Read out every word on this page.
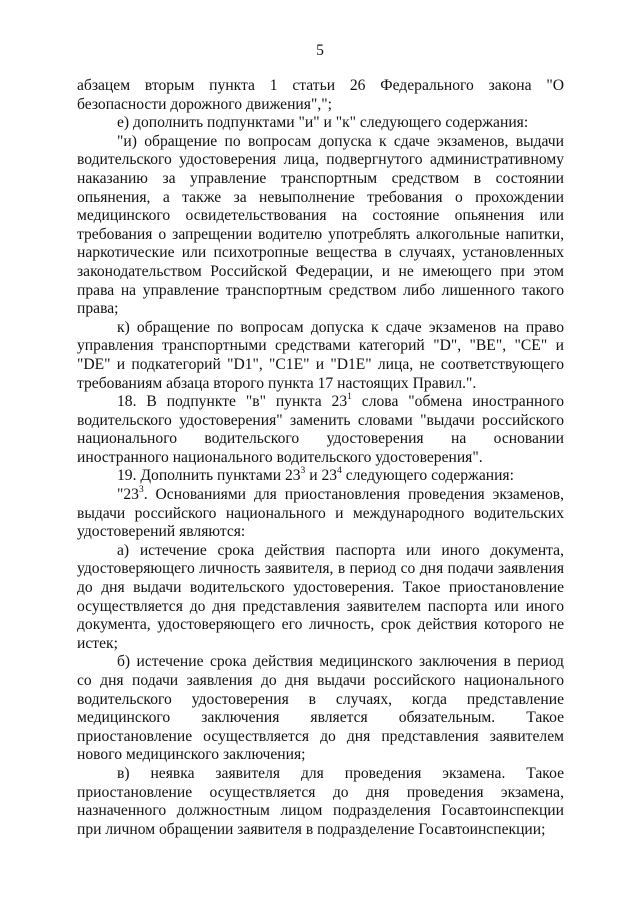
5

абзацем вторым пункта 1 статьи 26 Федерального закона "О безопасности дорожного движения",";

е) дополнить подпунктами "и" и "к" следующего содержания:

"и) обращение по вопросам допуска к сдаче экзаменов, выдачи водительского удостоверения лица, подвергнутого административному наказанию за управление транспортным средством в состоянии опьянения, а также за невыполнение требования о прохождении медицинского освидетельствования на состояние опьянения или требования о запрещении водителю употреблять алкогольные напитки, наркотические или психотропные вещества в случаях, установленных законодательством Российской Федерации, и не имеющего при этом права на управление транспортным средством либо лишенного такого права;

к) обращение по вопросам допуска к сдаче экзаменов на право управления транспортными средствами категорий "D", "BE", "CE" и "DE" и подкатегорий "D1", "C1E" и "D1E" лица, не соответствующего требованиям абзаца второго пункта 17 настоящих Правил.".

18. В подпункте "в" пункта $23^1$ слова "обмена иностранного водительского удостоверения" заменить словами "выдачи российского национального водительского удостоверения на основании иностранного национального водительского удостоверения".

19. Дополнить пунктами $23^3$ и $23^4$ следующего содержания:

"$23^3$. Основаниями для приостановления проведения экзаменов, выдачи российского национального и международного водительских удостоверений являются:

а) истечение срока действия паспорта или иного документа, удостоверяющего личность заявителя, в период со дня подачи заявления до дня выдачи водительского удостоверения. Такое приостановление осуществляется до дня представления заявителем паспорта или иного документа, удостоверяющего его личность, срок действия которого не истек;

б) истечение срока действия медицинского заключения в период со дня подачи заявления до дня выдачи российского национального водительского удостоверения в случаях, когда представление медицинского заключения является обязательным. Такое приостановление осуществляется до дня представления заявителем нового медицинского заключения;

в) неявка заявителя для проведения экзамена. Такое приостановление осуществляется до дня проведения экзамена, назначенного должностным лицом подразделения Госавтоинспекции при личном обращении заявителя в подразделение Госавтоинспекции;
